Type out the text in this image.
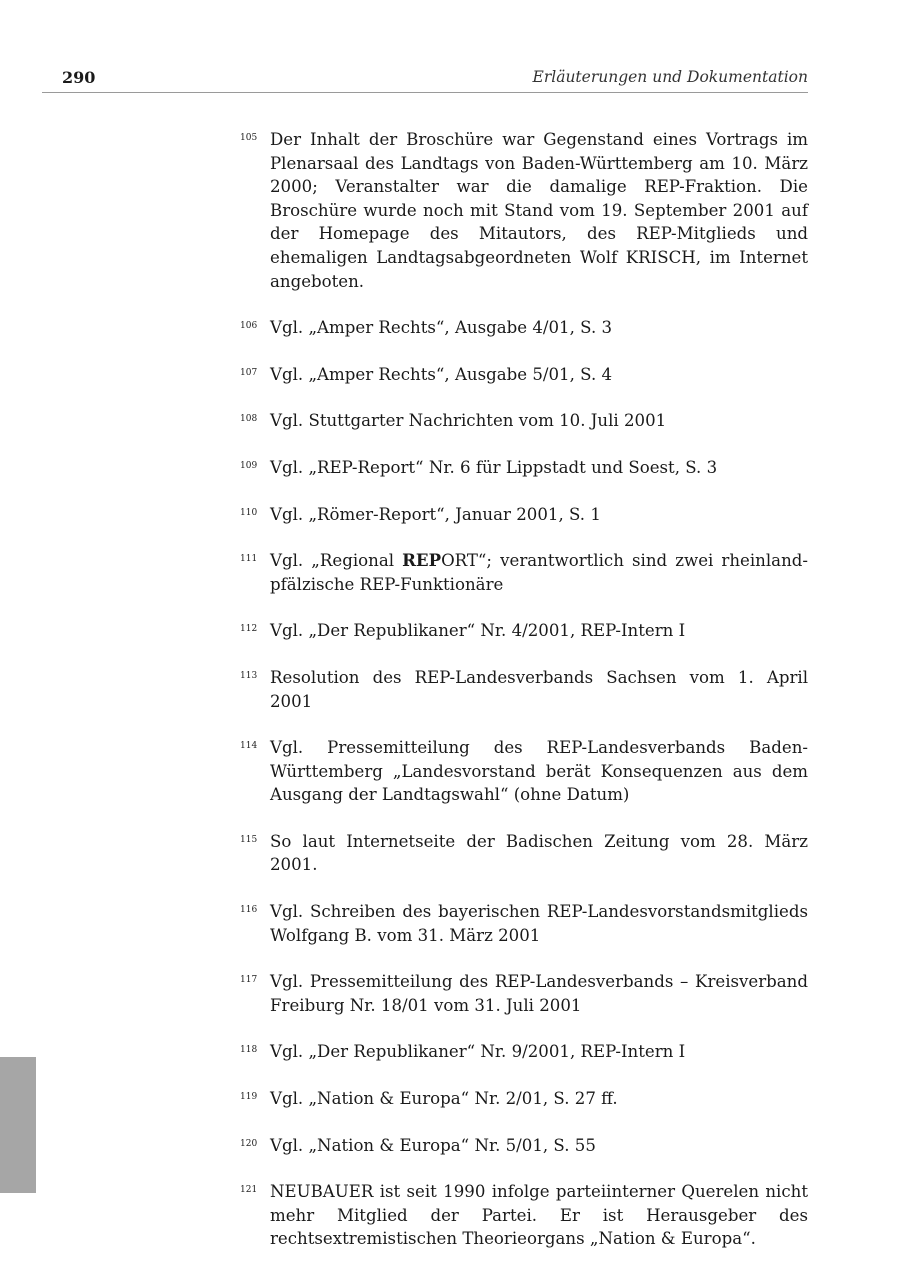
290	Erläuterungen und Dokumentation
105 Der Inhalt der Broschüre war Gegenstand eines Vortrags im Plenarsaal des Landtags von Baden-Württemberg am 10. März 2000; Veranstalter war die damalige REP-Fraktion. Die Broschüre wurde noch mit Stand vom 19. September 2001 auf der Homepage des Mitautors, des REP-Mitglieds und ehemaligen Landtagsabgeordneten Wolf KRISCH, im Internet angeboten.
106 Vgl. „Amper Rechts“, Ausgabe 4/01, S. 3
107 Vgl. „Amper Rechts“, Ausgabe 5/01, S. 4
108 Vgl. Stuttgarter Nachrichten vom 10. Juli 2001
109 Vgl. „REP-Report“ Nr. 6 für Lippstadt und Soest, S. 3
110 Vgl. „Römer-Report“, Januar 2001, S. 1
111 Vgl. „Regional REPORT“; verantwortlich sind zwei rheinland-pfälzische REP-Funktionäre
112 Vgl. „Der Republikaner“ Nr. 4/2001, REP-Intern I
113 Resolution des REP-Landesverbands Sachsen vom 1. April 2001
114 Vgl. Pressemitteilung des REP-Landesverbands Baden-Württemberg „Landesvorstand berät Konsequenzen aus dem Ausgang der Landtagswahl“ (ohne Datum)
115 So laut Internetseite der Badischen Zeitung vom 28. März 2001.
116 Vgl. Schreiben des bayerischen REP-Landesvorstandsmitglieds Wolfgang B. vom 31. März 2001
117 Vgl. Pressemitteilung des REP-Landesverbands – Kreisverband Freiburg Nr. 18/01 vom 31. Juli 2001
118 Vgl. „Der Republikaner“ Nr. 9/2001, REP-Intern I
119 Vgl. „Nation & Europa“ Nr. 2/01, S. 27 ff.
120 Vgl. „Nation & Europa“ Nr. 5/01, S. 55
121 NEUBAUER ist seit 1990 infolge parteiinterner Querelen nicht mehr Mitglied der Partei. Er ist Herausgeber des rechtsextremistischen Theorieorgans „Nation & Europa“.
